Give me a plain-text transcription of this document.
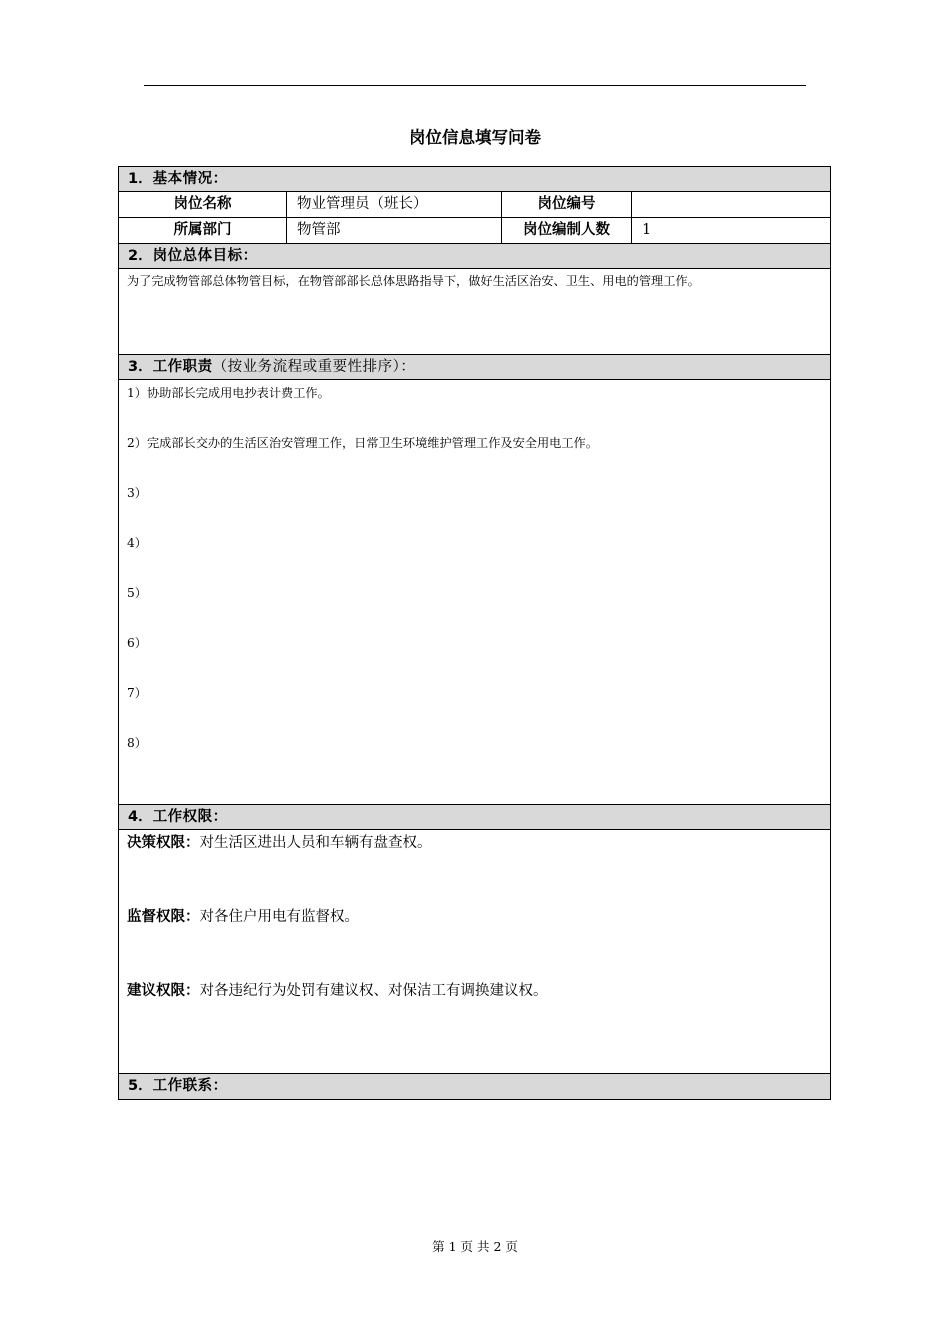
岗位信息填写问卷
1．基本情况：
岗位名称	物业管理员（班长）	岗位编号
所属部门	物管部	岗位编制人数	1
2．岗位总体目标：
为了完成物管部总体物管目标，在物管部部长总体思路指导下，做好生活区治安、卫生、用电的管理工作。
3．工作职责（按业务流程或重要性排序）：
1）协助部长完成用电抄表计费工作。
2）完成部长交办的生活区治安管理工作，日常卫生环境维护管理工作及安全用电工作。
3）
4）
5）
6）
7）
8）
4．工作权限：
决策权限：对生活区进出人员和车辆有盘查权。
监督权限：对各住户用电有监督权。
建议权限：对各违纪行为处罚有建议权、对保洁工有调换建议权。
5．工作联系：
第 1 页 共 2 页
